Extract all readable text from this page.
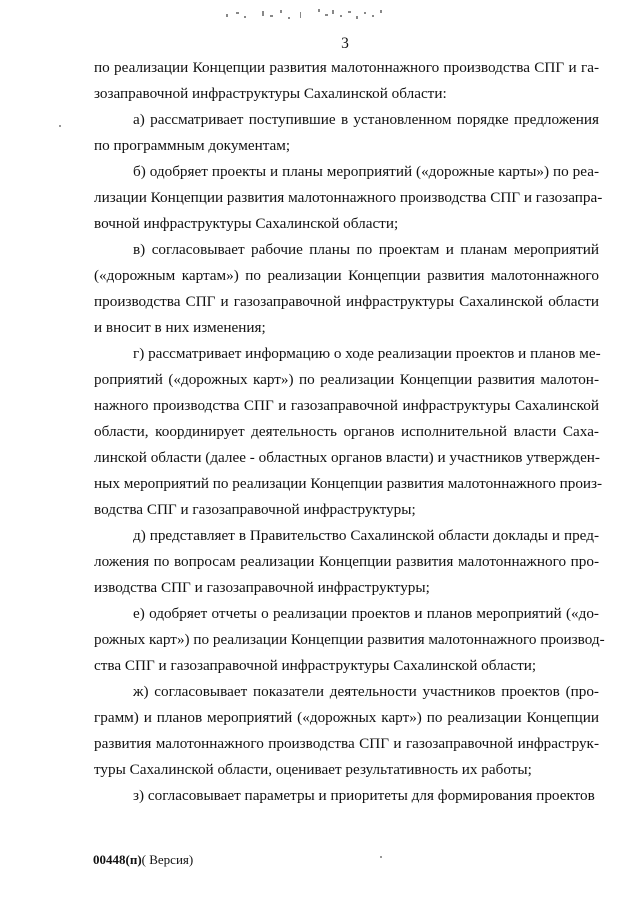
3

по реализации Концепции развития малотоннажного производства СПГ и га-
зозаправочной инфраструктуры Сахалинской области:

а) рассматривает поступившие в установленном порядке предложения
по программным документам;

б) одобряет проекты и планы мероприятий («дорожные карты») по реа-
лизации Концепции развития малотоннажного производства СПГ и газозапра-
вочной инфраструктуры Сахалинской области;

в) согласовывает рабочие планы по проектам и планам мероприятий
(«дорожным картам») по реализации Концепции развития малотоннажного
производства СПГ и газозаправочной инфраструктуры Сахалинской области
и вносит в них изменения;

г) рассматривает информацию о ходе реализации проектов и планов ме-
роприятий («дорожных карт») по реализации Концепции развития малотон-
нажного производства СПГ и газозаправочной инфраструктуры Сахалинской
области, координирует деятельность органов исполнительной власти Саха-
линской области (далее - областных органов власти) и участников утвержден-
ных мероприятий по реализации Концепции развития малотоннажного произ-
водства СПГ и газозаправочной инфраструктуры;

д) представляет в Правительство Сахалинской области доклады и пред-
ложения по вопросам реализации Концепции развития малотоннажного про-
изводства СПГ и газозаправочной инфраструктуры;

е) одобряет отчеты о реализации проектов и планов мероприятий («до-
рожных карт») по реализации Концепции развития малотоннажного производ-
ства СПГ и газозаправочной инфраструктуры Сахалинской области;

ж) согласовывает показатели деятельности участников проектов (про-
грамм) и планов мероприятий («дорожных карт») по реализации Концепции
развития малотоннажного производства СПГ и газозаправочной инфраструк-
туры Сахалинской области, оценивает результативность их работы;

з) согласовывает параметры и приоритеты для формирования проектов

00448(п)( Версия)
